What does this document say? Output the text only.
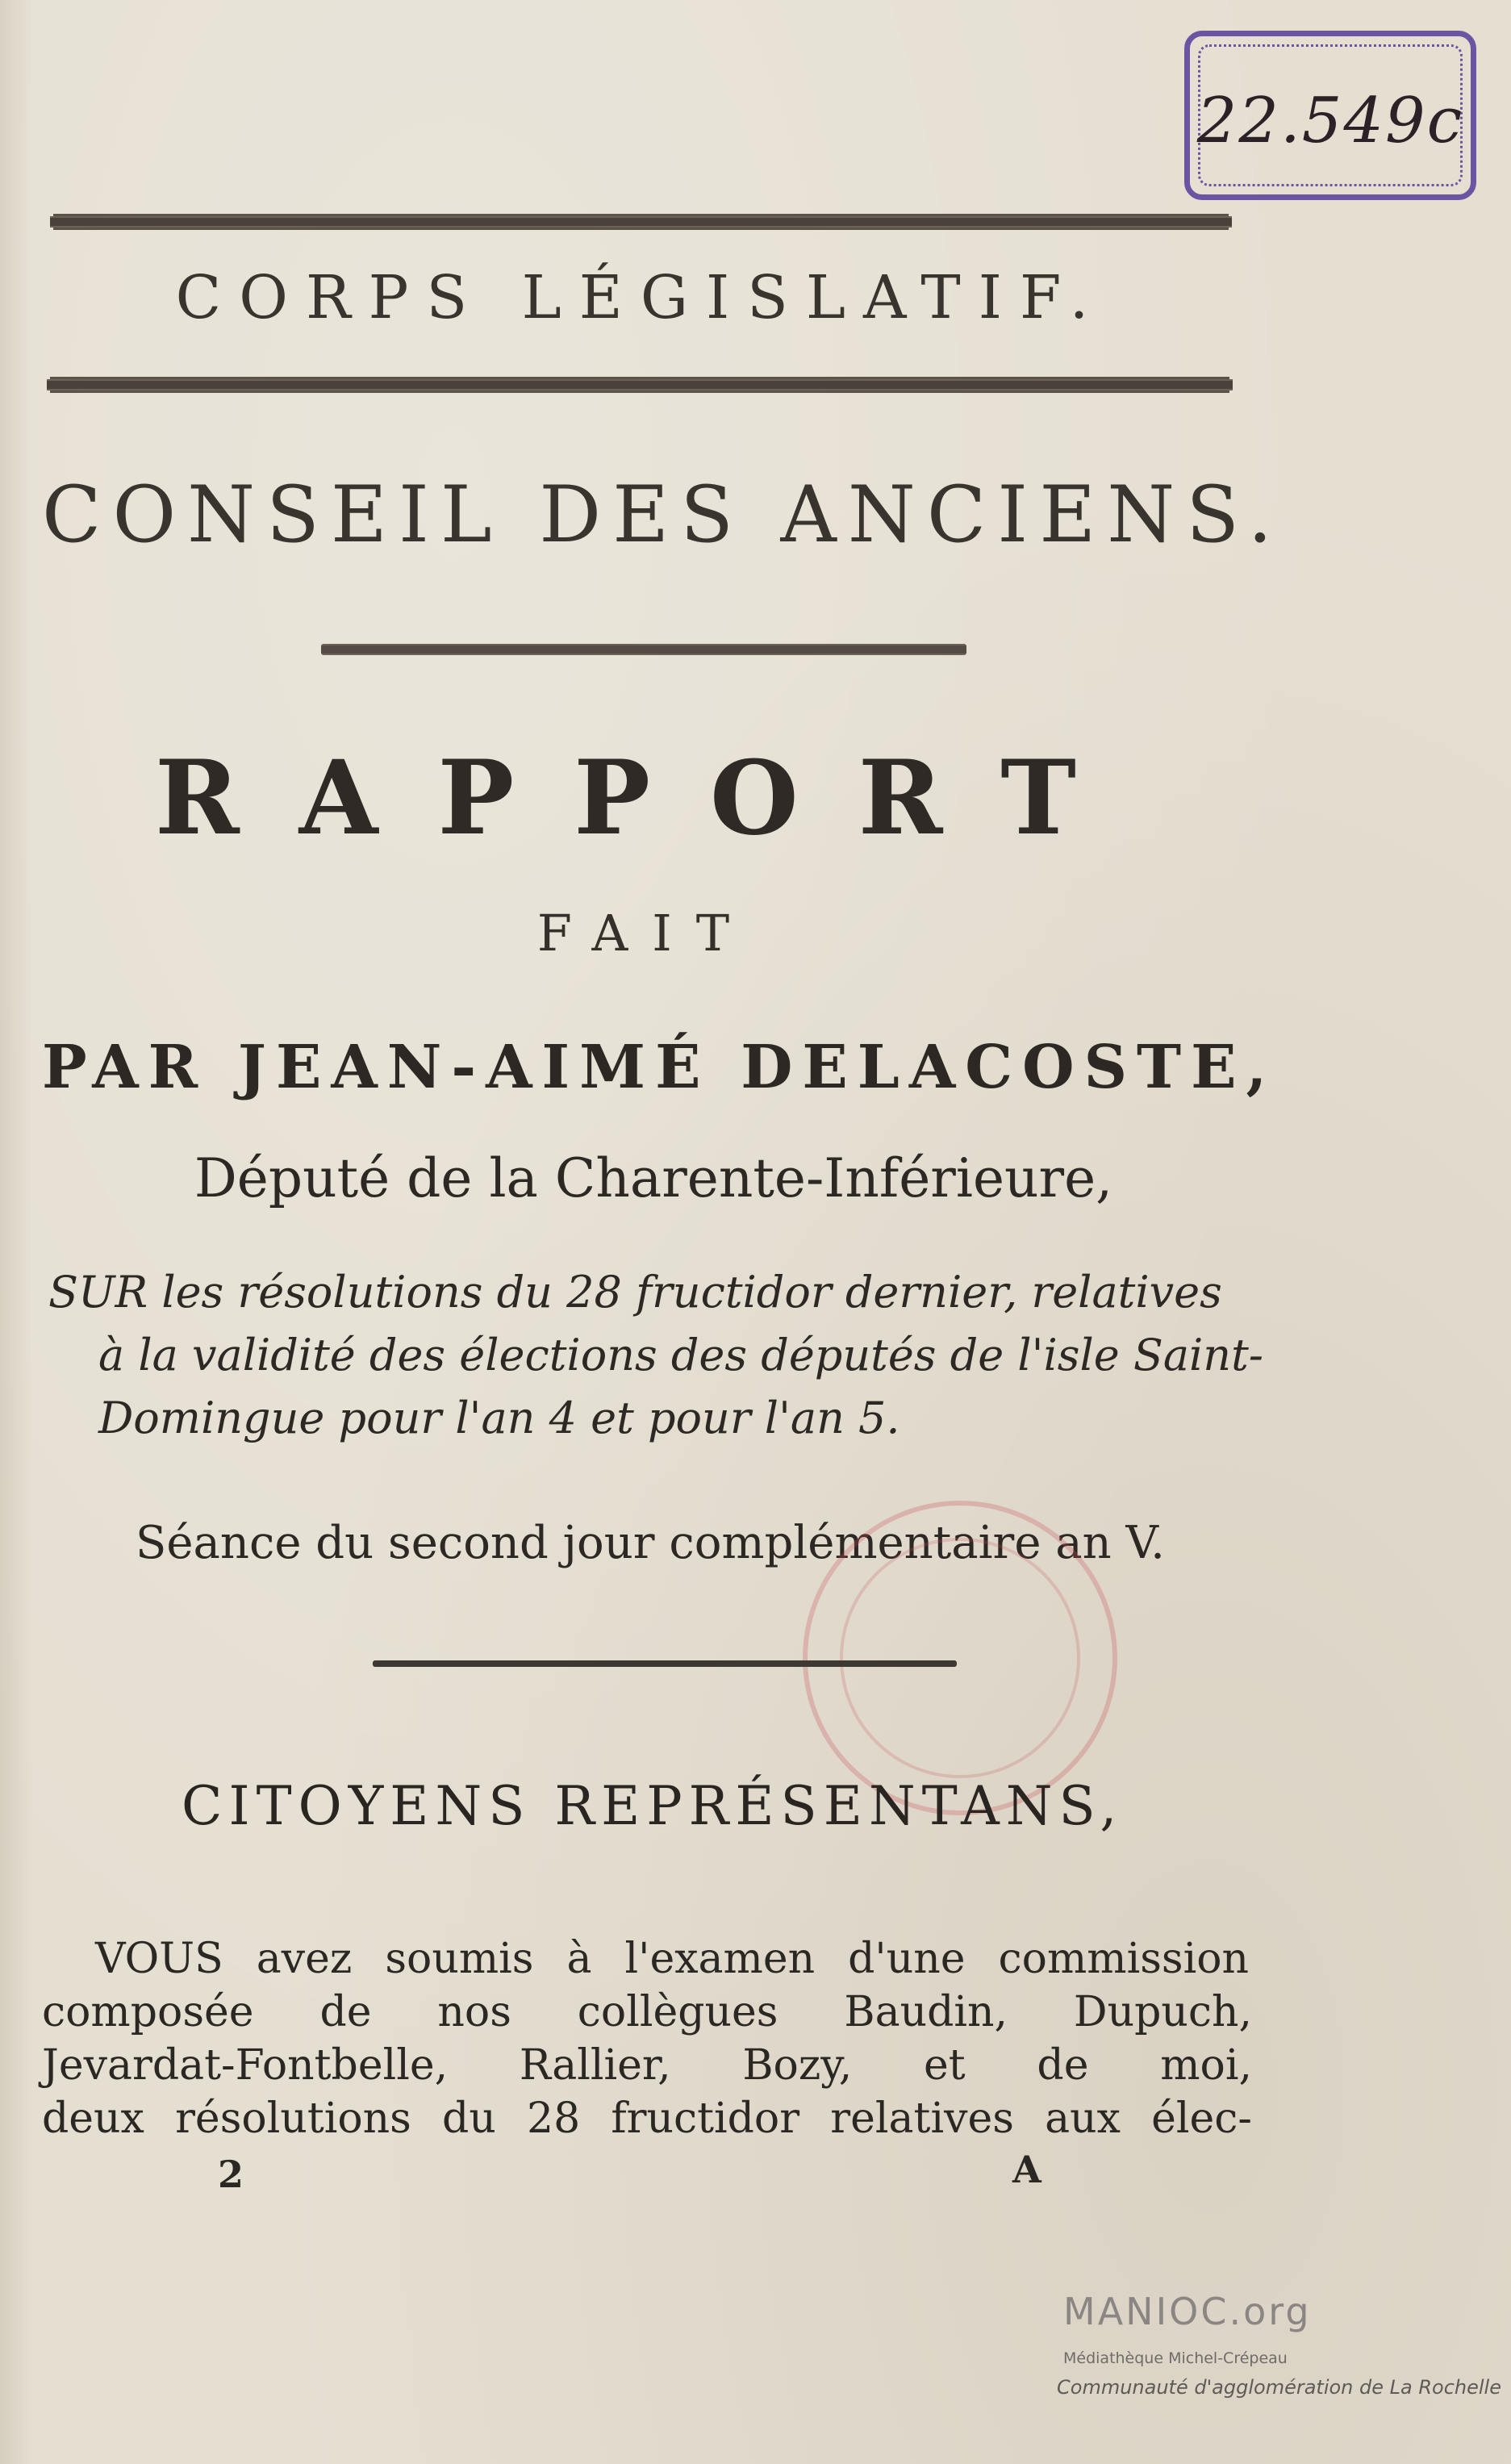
22.549c
CORPS LÉGISLATIF.
CONSEIL DES ANCIENS.
RAPPORT
FAIT
PAR JEAN-AIMÉ DELACOSTE,
Député de la Charente-Inférieure,
SUR les résolutions du 28 fructidor dernier, relatives
à la validité des élections des députés de l'isle Saint-
Domingue pour l'an 4 et pour l'an 5.
Séance du second jour complémentaire an V.
CITOYENS REPRÉSENTANS,
VOUS avez soumis à l'examen d'une commission
composée de nos collègues Baudin, Dupuch,
Jevardat-Fontbelle, Rallier, Bozy, et de moi,
deux résolutions du 28 fructidor relatives aux élec-
2	A
MANIOC.org
Médiathèque Michel-Crépeau
Communauté d'agglomération de La Rochelle
